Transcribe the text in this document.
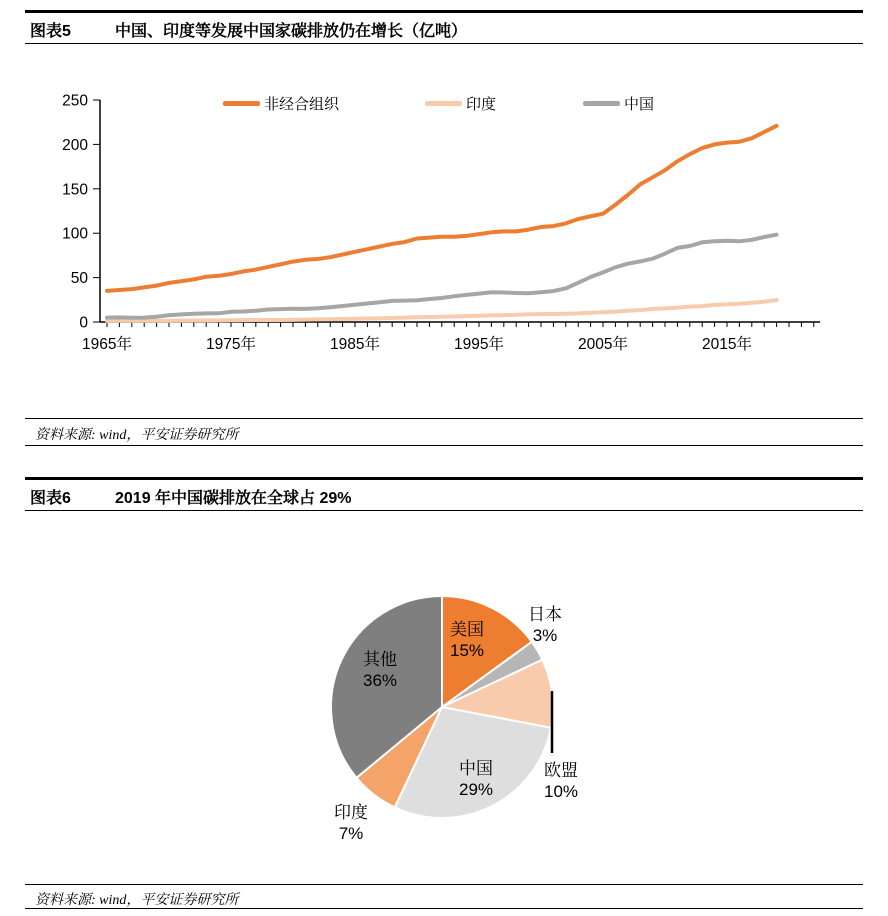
图表5	中国、印度等发展中国家碳排放仍在增长（亿吨）
非经合组织	印度	中国
0
50
100
150
200
250
1965年	1975年	1985年	1995年	2005年	2015年
资料来源: wind，平安证券研究所
图表6	2019 年中国碳排放在全球占 29%
美国
15%
日本
3%
欧盟
10%
中国
29%
印度
7%
其他
36%
资料来源: wind，平安证券研究所
